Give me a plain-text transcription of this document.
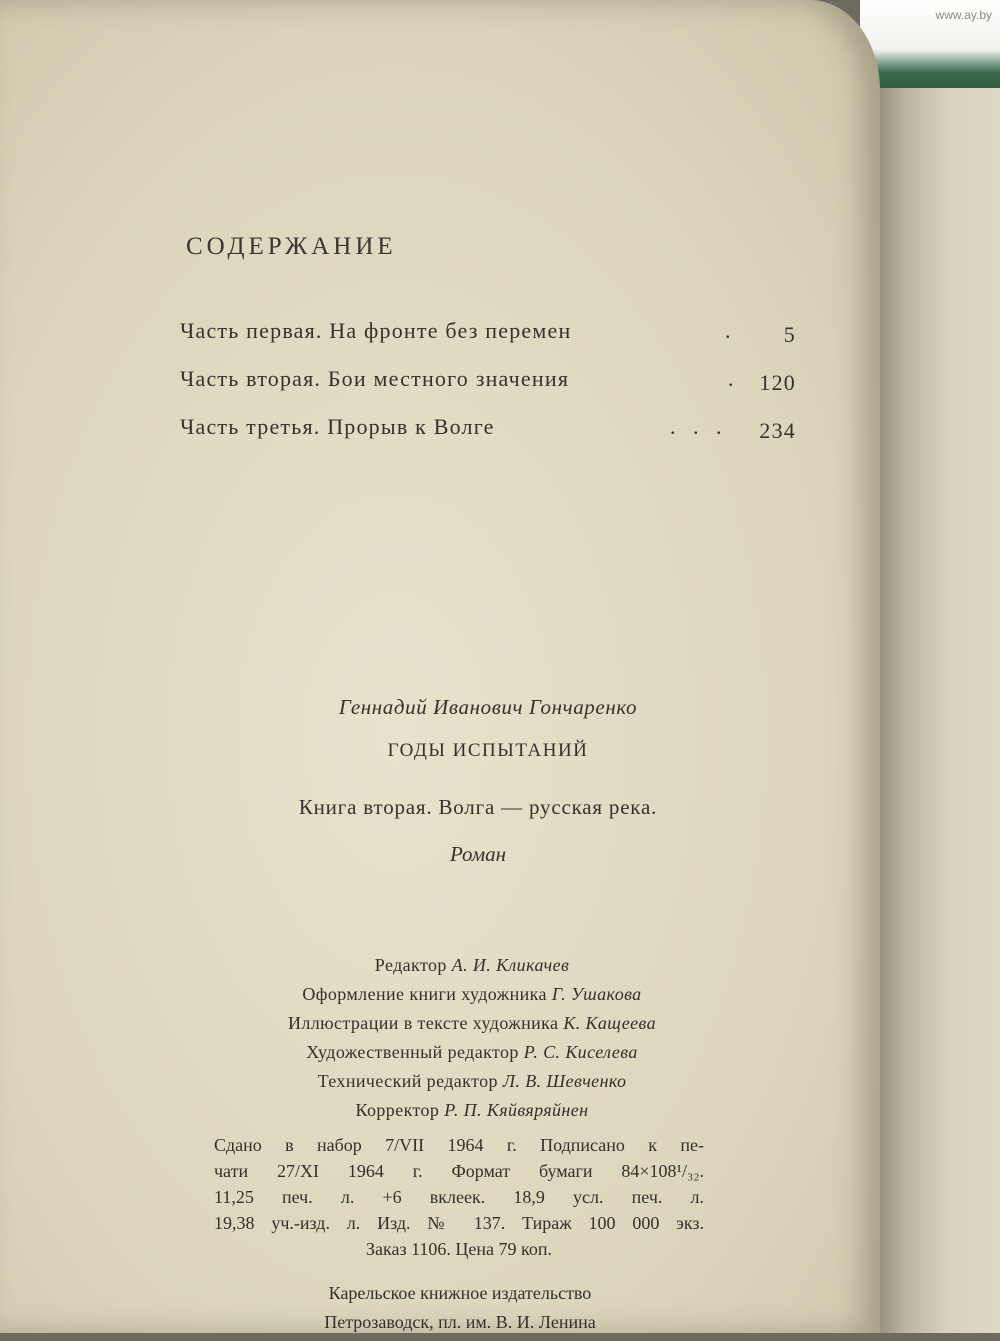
СОДЕРЖАНИЕ
Часть первая. На фронте без перемен	. 5
Часть вторая. Бои местного значения	. 120
Часть третья. Прорыв к Волге	. . . 234
Геннадий Иванович Гончаренко
ГОДЫ ИСПЫТАНИЙ
Книга вторая. Волга — русская река.
Роман
Редактор А. И. Кликачев
Оформление книги художника Г. Ушакова
Иллюстрации в тексте художника К. Кащеева
Художественный редактор Р. С. Киселева
Технический редактор Л. В. Шевченко
Корректор Р. П. Кяйвяряйнен
Сдано в набор 7/VII 1964 г. Подписано к пе-
чати 27/XI 1964 г. Формат бумаги 84×108¹/₃₂.
11,25 печ. л. +6 вклеек. 18,9 усл. печ. л.
19,38 уч.-изд. л. Изд. № 137. Тираж 100 000 экз.
Заказ 1106. Цена 79 коп.
Карельское книжное издательство
Петрозаводск, пл. им. В. И. Ленина
www.ay.by
